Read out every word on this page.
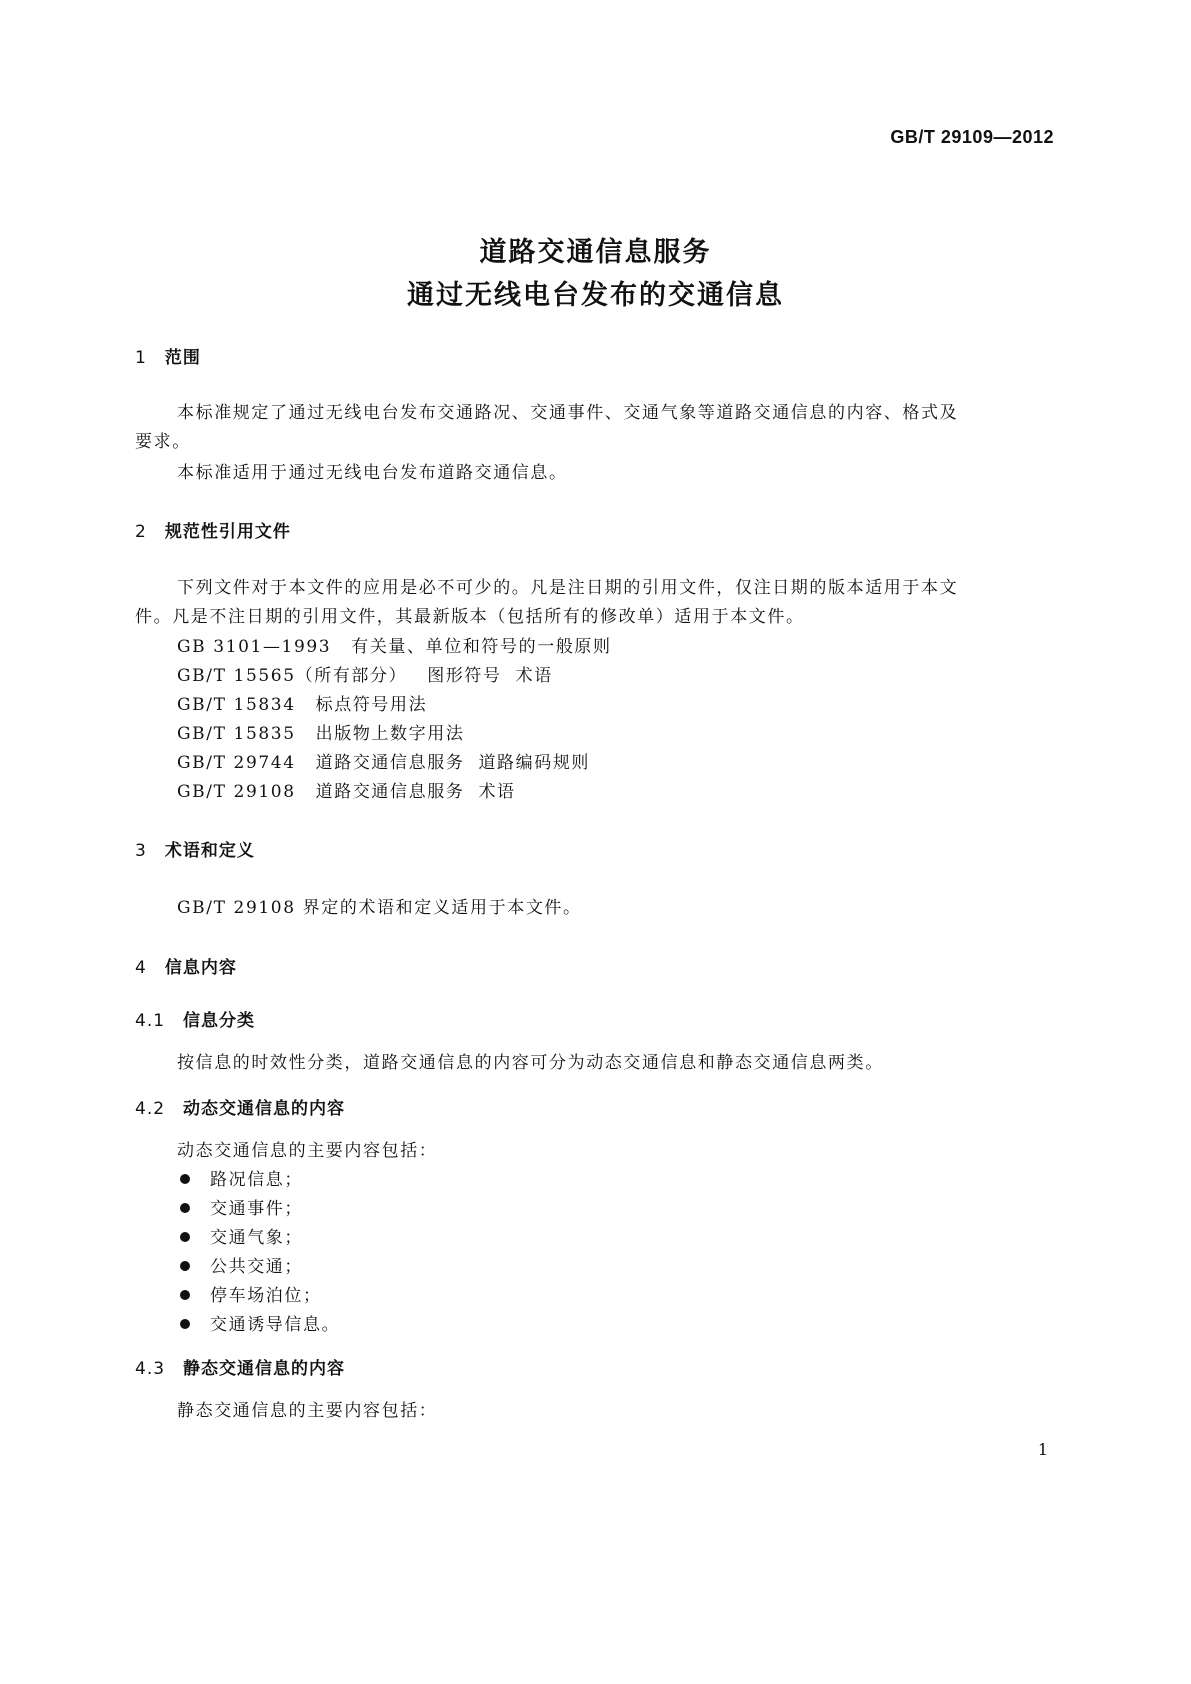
GB/T 29109—2012
道路交通信息服务
通过无线电台发布的交通信息
1 范围
本标准规定了通过无线电台发布交通路况、交通事件、交通气象等道路交通信息的内容、格式及
要求。
本标准适用于通过无线电台发布道路交通信息。
2 规范性引用文件
下列文件对于本文件的应用是必不可少的。凡是注日期的引用文件，仅注日期的版本适用于本文
件。凡是不注日期的引用文件，其最新版本（包括所有的修改单）适用于本文件。
GB 3101—1993 有关量、单位和符号的一般原则
GB/T 15565（所有部分） 图形符号 术语
GB/T 15834 标点符号用法
GB/T 15835 出版物上数字用法
GB/T 29744 道路交通信息服务 道路编码规则
GB/T 29108 道路交通信息服务 术语
3 术语和定义
GB/T 29108 界定的术语和定义适用于本文件。
4 信息内容
4.1 信息分类
按信息的时效性分类，道路交通信息的内容可分为动态交通信息和静态交通信息两类。
4.2 动态交通信息的内容
动态交通信息的主要内容包括：
路况信息；
交通事件；
交通气象；
公共交通；
停车场泊位；
交通诱导信息。
4.3 静态交通信息的内容
静态交通信息的主要内容包括：
1
